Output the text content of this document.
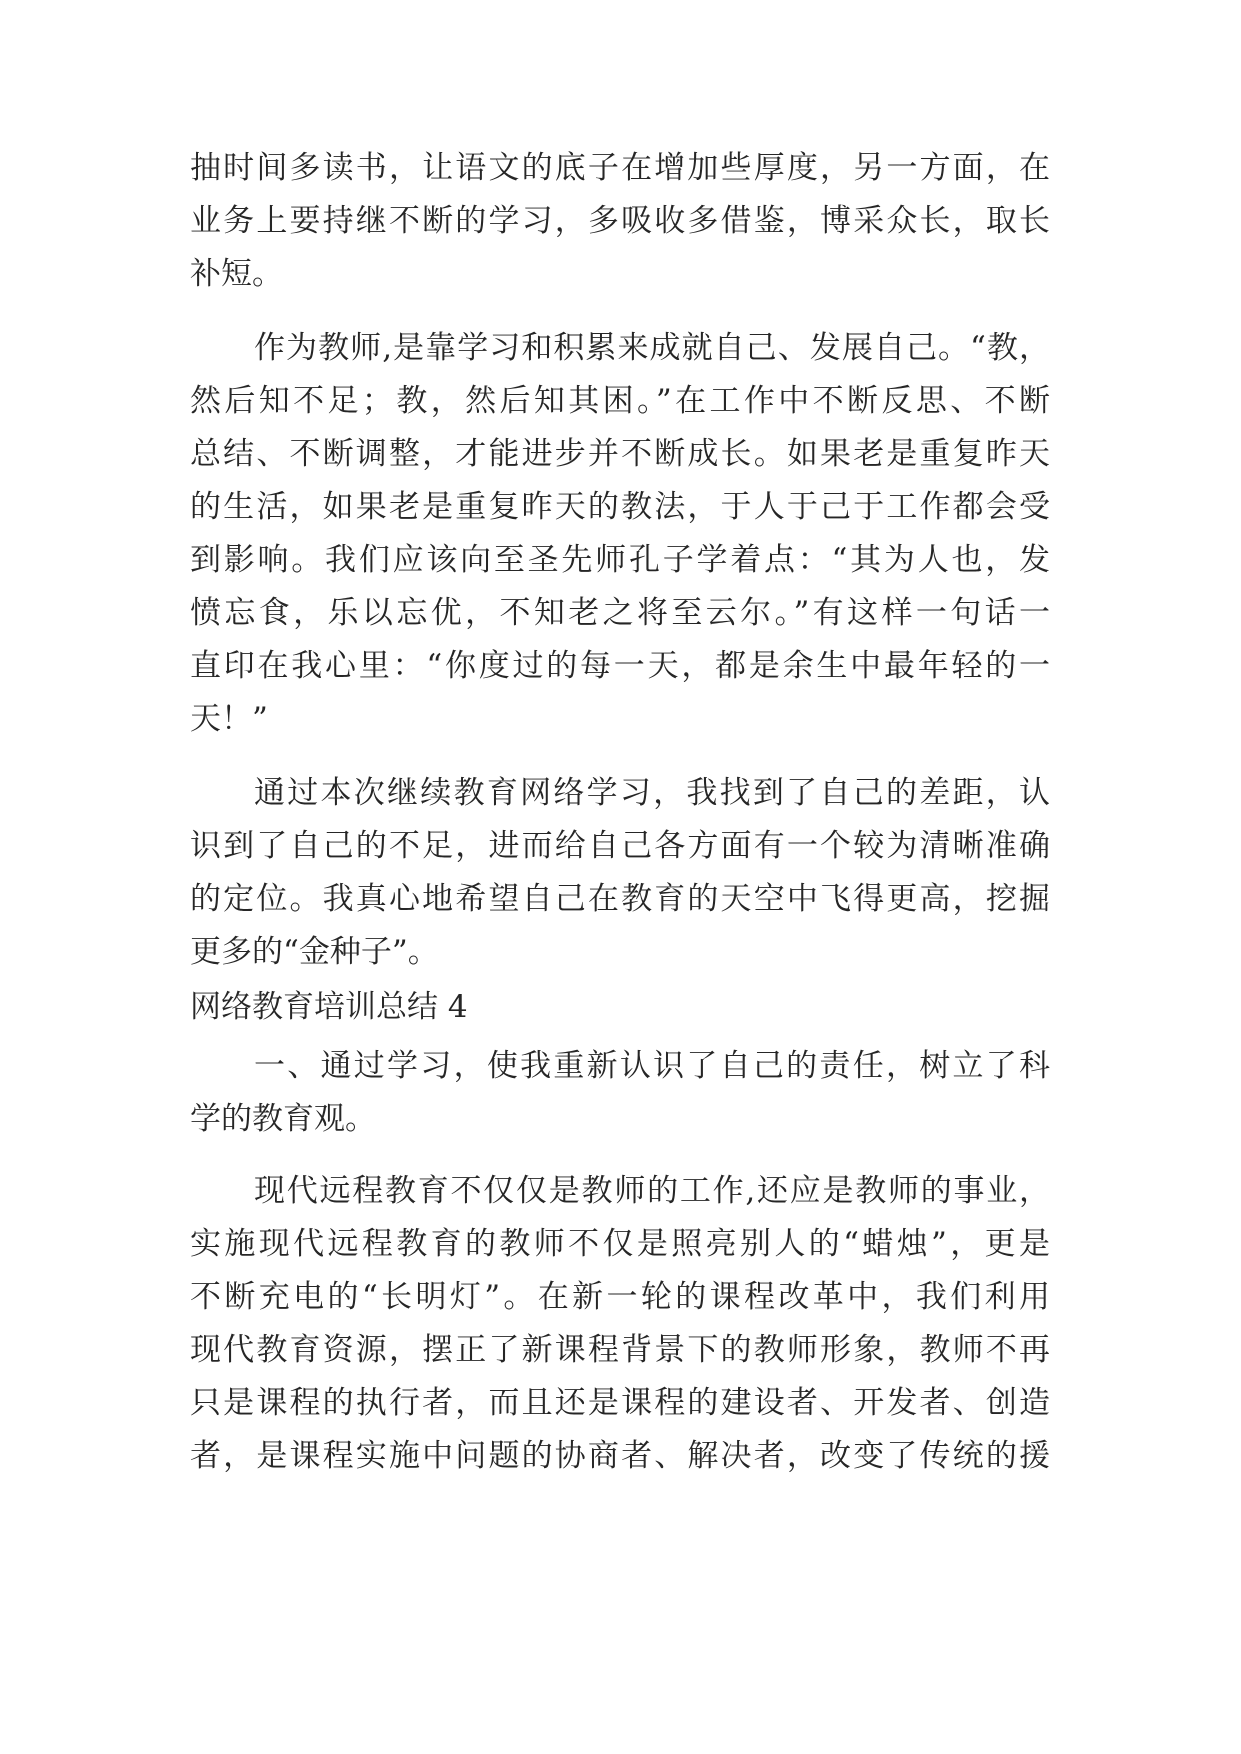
抽时间多读书，让语文的底子在增加些厚度，另一方面，在
业务上要持继不断的学习，多吸收多借鉴，博采众长，取长
补短。
作为教师,是靠学习和积累来成就自己、发展自己。“教，
然后知不足；教，然后知其困。”在工作中不断反思、不断
总结、不断调整，才能进步并不断成长。如果老是重复昨天
的生活，如果老是重复昨天的教法，于人于己于工作都会受
到影响。我们应该向至圣先师孔子学着点：“其为人也，发
愤忘食，乐以忘优，不知老之将至云尔。”有这样一句话一
直印在我心里：“你度过的每一天，都是余生中最年轻的一
天！”
通过本次继续教育网络学习，我找到了自己的差距，认
识到了自己的不足，进而给自己各方面有一个较为清晰准确
的定位。我真心地希望自己在教育的天空中飞得更高，挖掘
更多的“金种子”。
网络教育培训总结 4
一、通过学习，使我重新认识了自己的责任，树立了科
学的教育观。
现代远程教育不仅仅是教师的工作,还应是教师的事业，
实施现代远程教育的教师不仅是照亮别人的“蜡烛”，更是
不断充电的“长明灯”。在新一轮的课程改革中，我们利用
现代教育资源，摆正了新课程背景下的教师形象，教师不再
只是课程的执行者，而且还是课程的建设者、开发者、创造
者，是课程实施中问题的协商者、解决者，改变了传统的援
